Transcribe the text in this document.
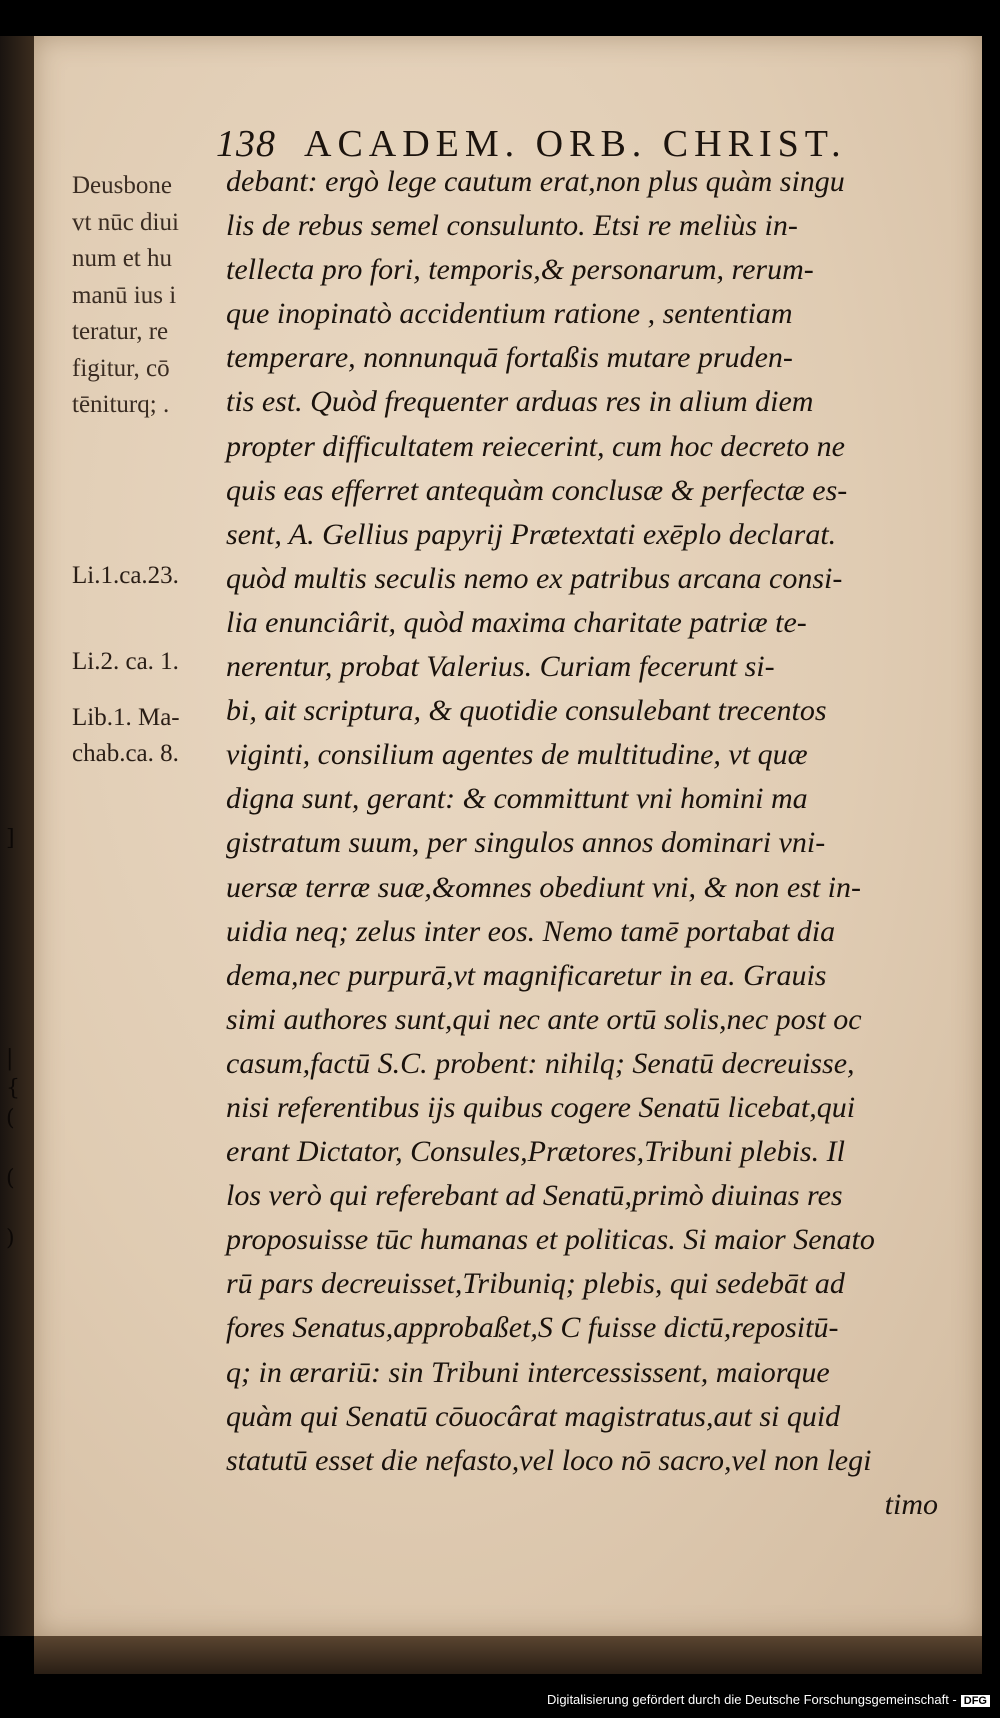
]
|
{
(
(
)
138 ACADEM. ORB. CHRIST.
Deusbone
vt nūc diui
num et hu
manū ius i
teratur, re
figitur, cō
tēniturq; .
Li.1.ca.23.
Li.2. ca. 1.
Lib.1. Ma-
chab.ca. 8.
debant: ergò lege cautum erat,non plus quàm singu
lis de rebus semel consulunto. Etsi re meliùs in-
tellecta pro fori, temporis,& personarum, rerum-
que inopinatò accidentium ratione , sententiam
temperare, nonnunquā fortaßis mutare pruden-
tis est. Quòd frequenter arduas res in alium diem
propter difficultatem reiecerint, cum hoc decreto ne
quis eas efferret antequàm conclusæ & perfectæ es-
sent, A. Gellius papyrij Prætextati exēplo declarat.
quòd multis seculis nemo ex patribus arcana consi-
lia enunciârit, quòd maxima charitate patriæ te-
nerentur, probat Valerius. Curiam fecerunt si-
bi, ait scriptura, & quotidie consulebant trecentos
viginti, consilium agentes de multitudine, vt quæ
digna sunt, gerant: & committunt vni homini ma
gistratum suum, per singulos annos dominari vni-
uersæ terræ suæ,&omnes obediunt vni, & non est in-
uidia neq; zelus inter eos. Nemo tamē portabat dia
dema,nec purpurā,vt magnificaretur in ea. Grauis
simi authores sunt,qui nec ante ortū solis,nec post oc
casum,factū S.C. probent: nihilq; Senatū decreuisse,
nisi referentibus ijs quibus cogere Senatū licebat,qui
erant Dictator, Consules,Prætores,Tribuni plebis. Il
los verò qui referebant ad Senatū,primò diuinas res
proposuisse tūc humanas et politicas. Si maior Senato
rū pars decreuisset,Tribuniq; plebis, qui sedebāt ad
fores Senatus,approbaßet,S C fuisse dictū,repositū-
q; in ærariū: sin Tribuni intercessissent, maiorque
quàm qui Senatū cōuocârat magistratus,aut si quid
statutū esset die nefasto,vel loco nō sacro,vel non legi
timo
Digitalisierung gefördert durch die Deutsche Forschungsgemeinschaft - DFG
